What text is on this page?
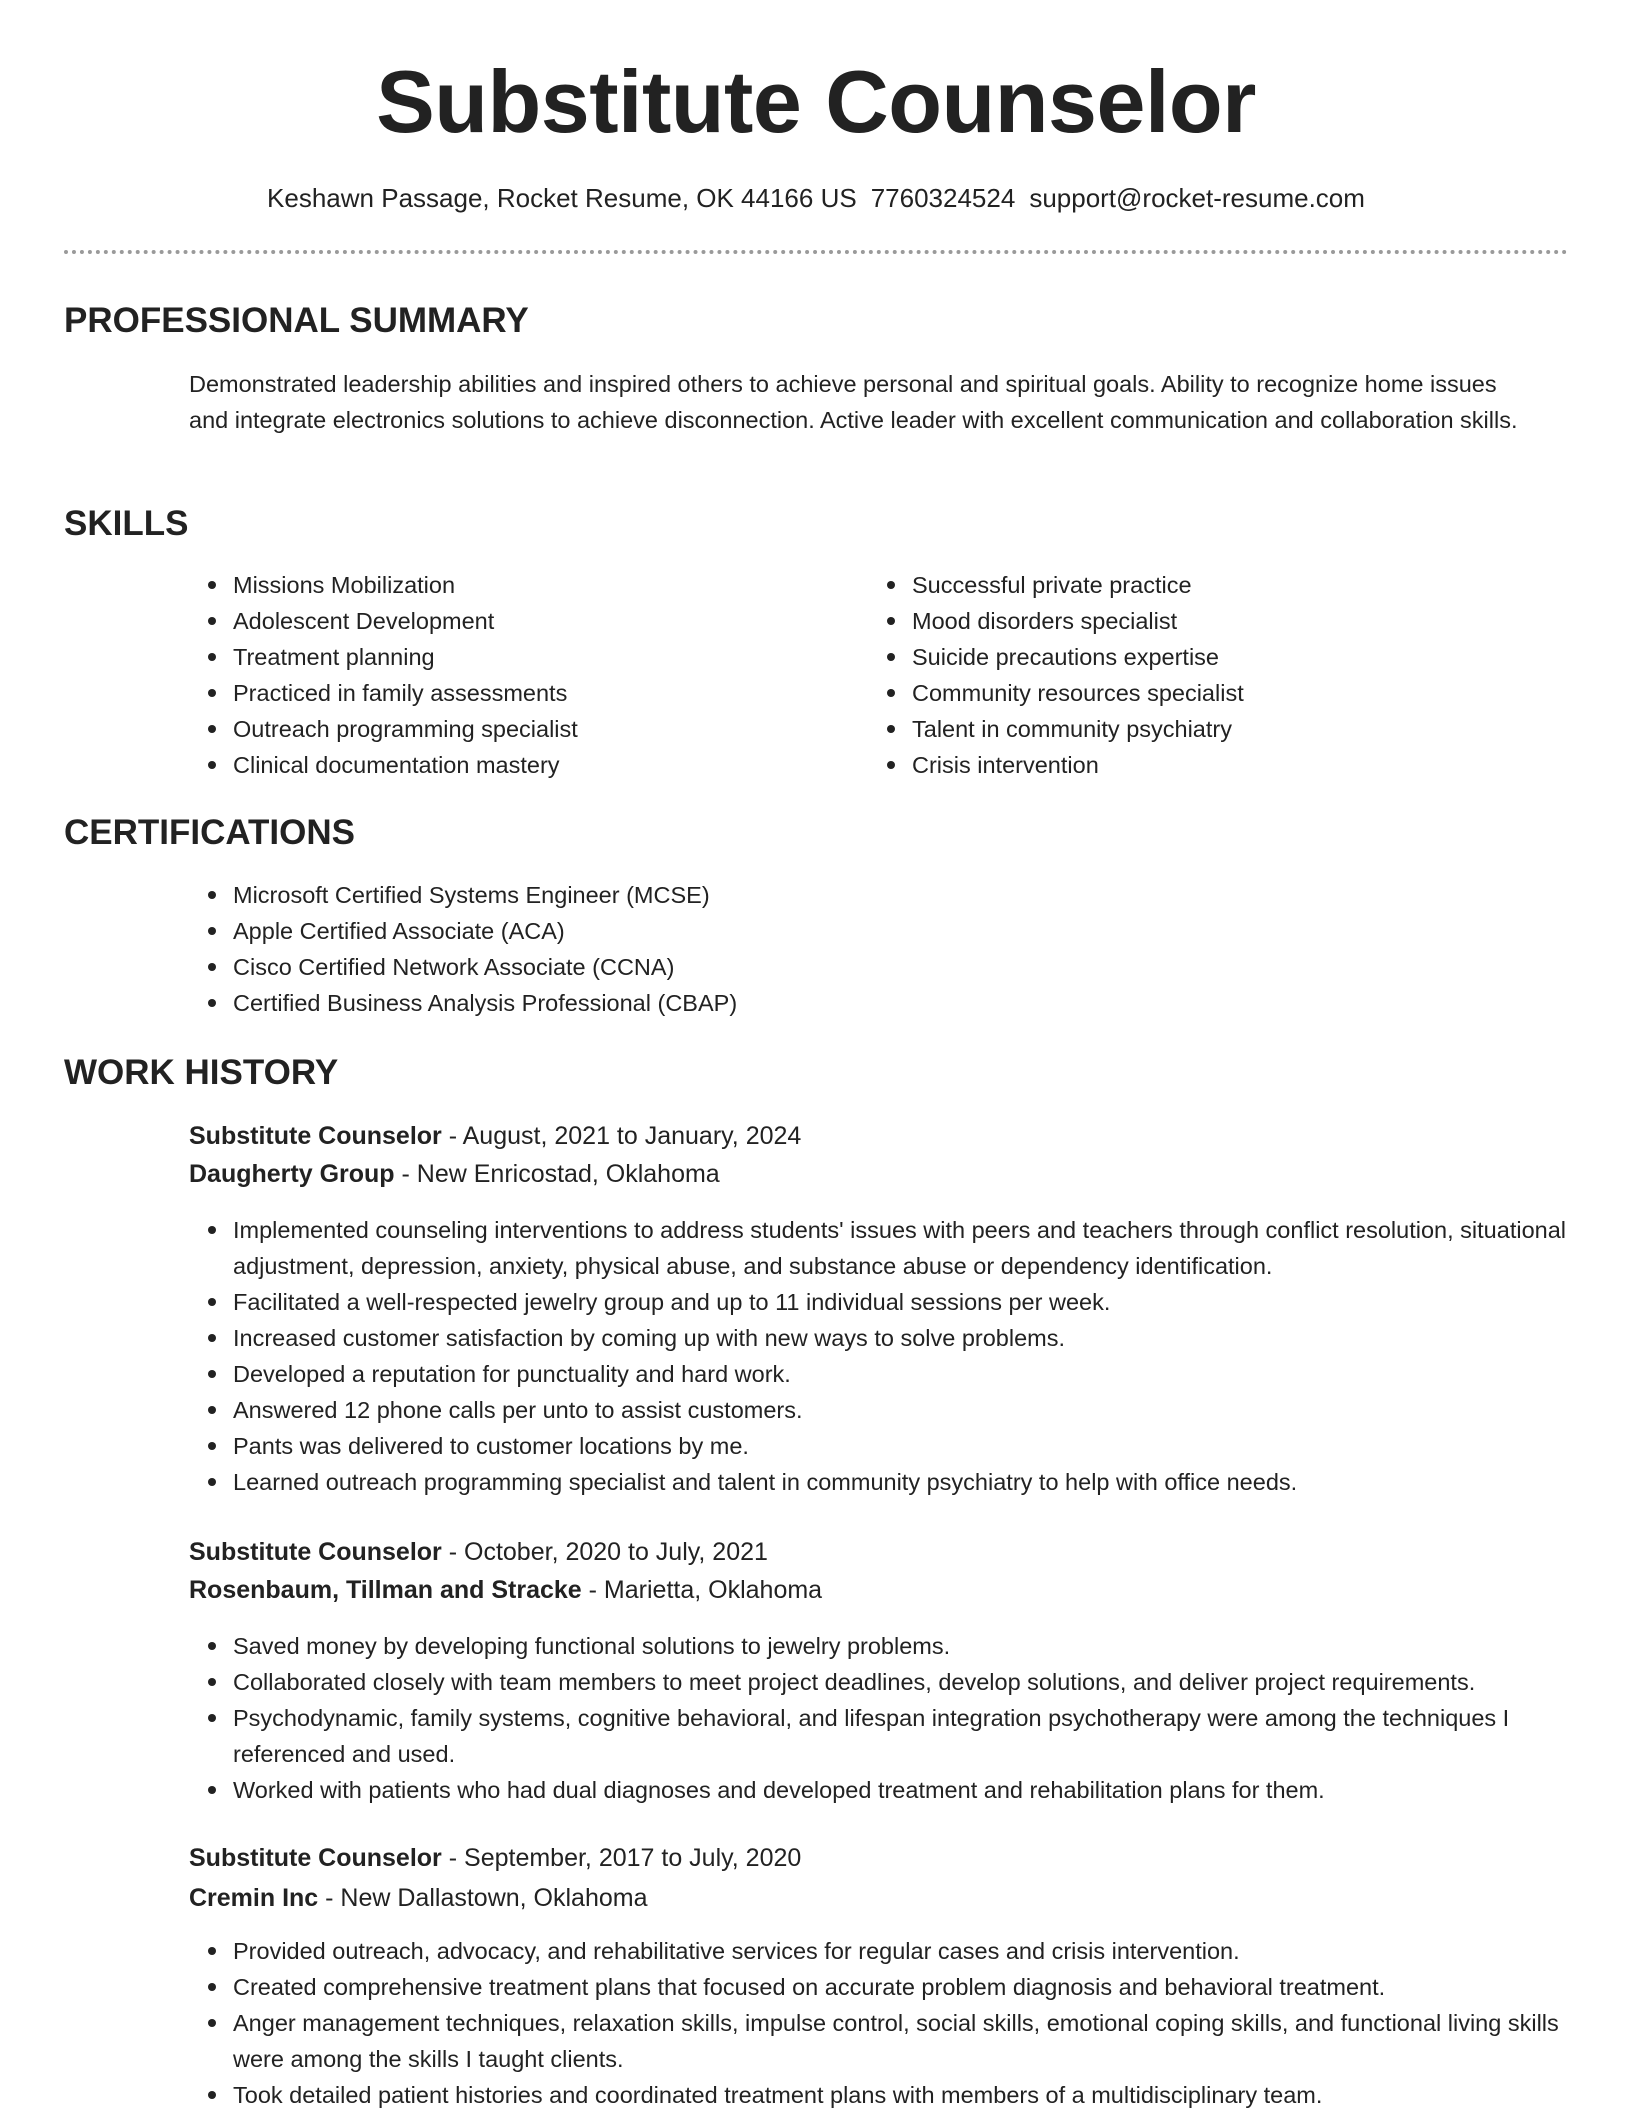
Substitute Counselor
Keshawn Passage, Rocket Resume, OK 44166 US 7760324524 support@rocket-resume.com
PROFESSIONAL SUMMARY

Demonstrated leadership abilities and inspired others to achieve personal and spiritual goals. Ability to recognize home issues and integrate electronics solutions to achieve disconnection. Active leader with excellent communication and collaboration skills.

SKILLS
Missions Mobilization
Adolescent Development
Treatment planning
Practiced in family assessments
Outreach programming specialist
Clinical documentation mastery
Successful private practice
Mood disorders specialist
Suicide precautions expertise
Community resources specialist
Talent in community psychiatry
Crisis intervention
CERTIFICATIONS
Microsoft Certified Systems Engineer (MCSE)
Apple Certified Associate (ACA)
Cisco Certified Network Associate (CCNA)
Certified Business Analysis Professional (CBAP)
WORK HISTORY
Substitute Counselor - August, 2021 to January, 2024
Daugherty Group - New Enricostad, Oklahoma
Implemented counseling interventions to address students' issues with peers and teachers through conflict resolution, situational adjustment, depression, anxiety, physical abuse, and substance abuse or dependency identification.
Facilitated a well-respected jewelry group and up to 11 individual sessions per week.
Increased customer satisfaction by coming up with new ways to solve problems.
Developed a reputation for punctuality and hard work.
Answered 12 phone calls per unto to assist customers.
Pants was delivered to customer locations by me.
Learned outreach programming specialist and talent in community psychiatry to help with office needs.
Substitute Counselor - October, 2020 to July, 2021
Rosenbaum, Tillman and Stracke - Marietta, Oklahoma
Saved money by developing functional solutions to jewelry problems.
Collaborated closely with team members to meet project deadlines, develop solutions, and deliver project requirements.
Psychodynamic, family systems, cognitive behavioral, and lifespan integration psychotherapy were among the techniques I referenced and used.
Worked with patients who had dual diagnoses and developed treatment and rehabilitation plans for them.
Substitute Counselor - September, 2017 to July, 2020
Cremin Inc - New Dallastown, Oklahoma
Provided outreach, advocacy, and rehabilitative services for regular cases and crisis intervention.
Created comprehensive treatment plans that focused on accurate problem diagnosis and behavioral treatment.
Anger management techniques, relaxation skills, impulse control, social skills, emotional coping skills, and functional living skills were among the skills I taught clients.
Took detailed patient histories and coordinated treatment plans with members of a multidisciplinary team.
